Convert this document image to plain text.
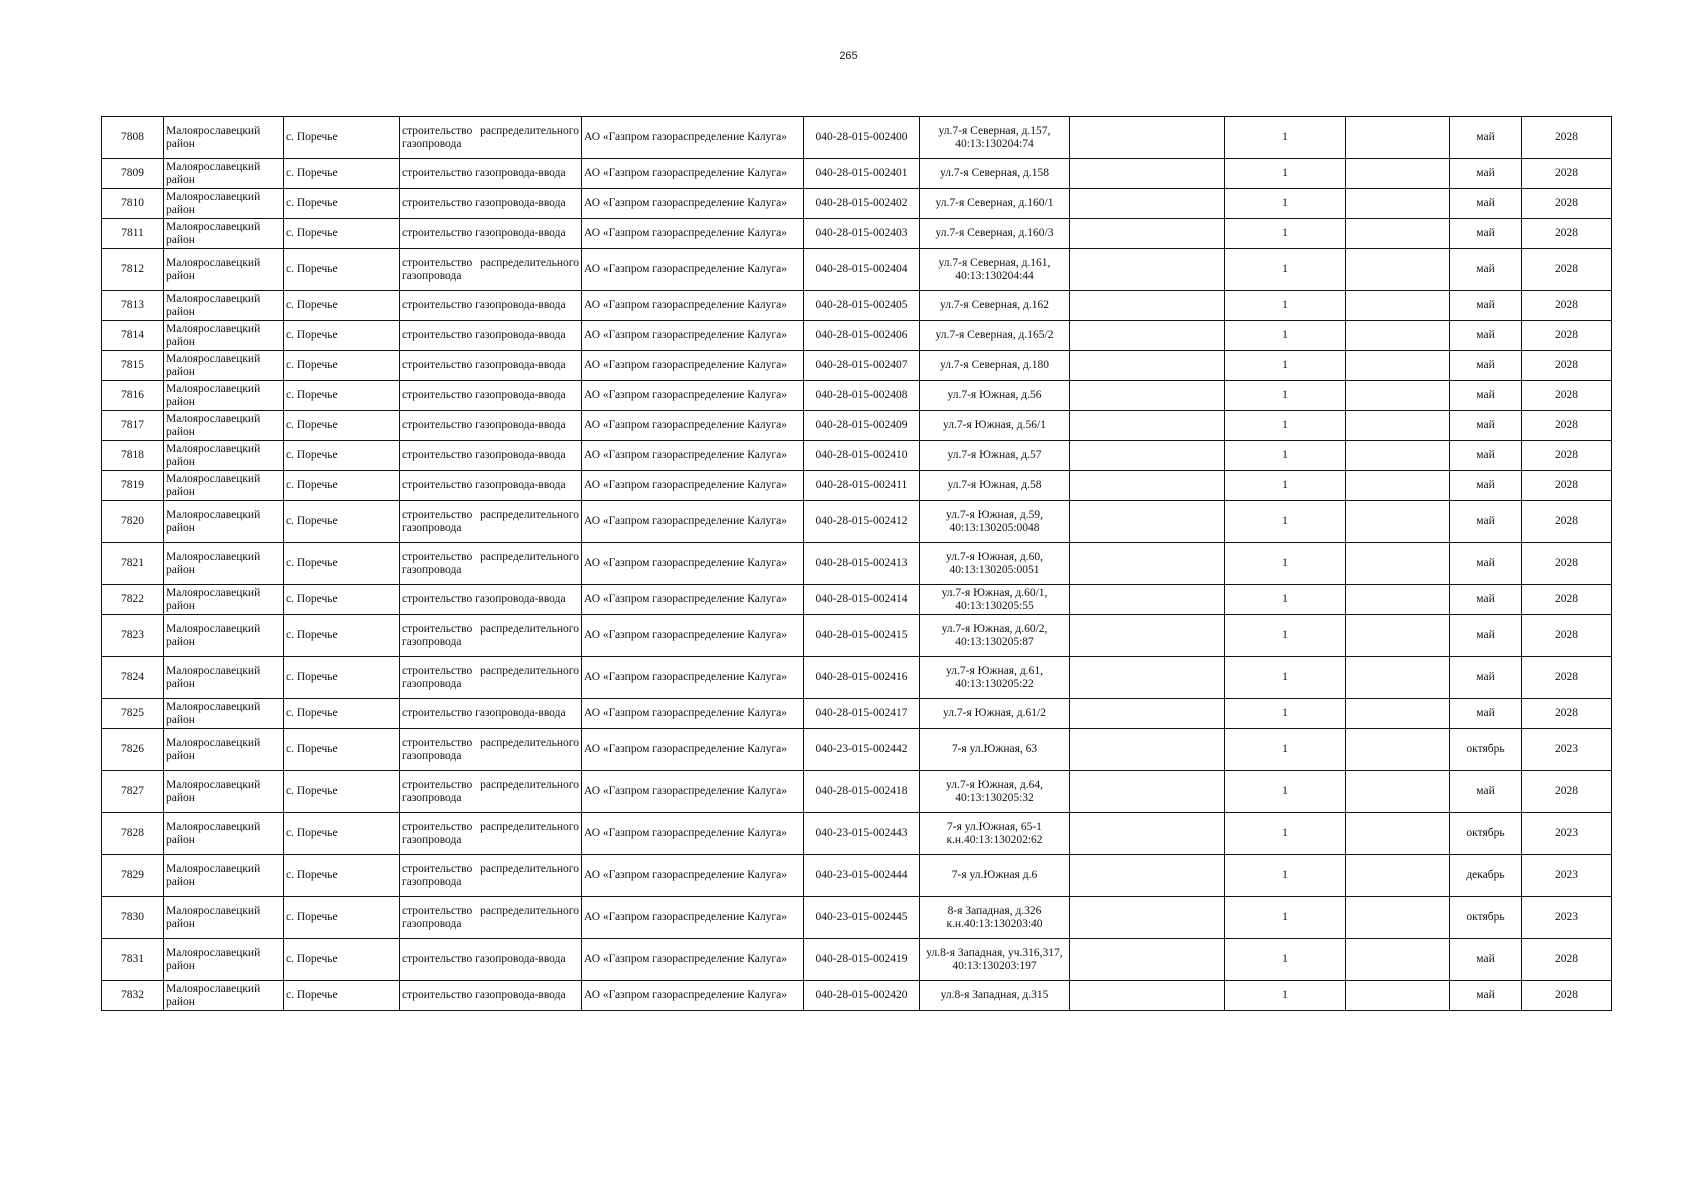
265
7808	Малоярославецкий район	с. Поречье	строительство распределительного газопровода	АО «Газпром газораспределение Калуга»	040-28-015-002400	ул.7-я Северная, д.157, 40:13:130204:74		1		май	2028
7809	Малоярославецкий район	с. Поречье	строительство газопровода-ввода	АО «Газпром газораспределение Калуга»	040-28-015-002401	ул.7-я Северная, д.158		1		май	2028
7810	Малоярославецкий район	с. Поречье	строительство газопровода-ввода	АО «Газпром газораспределение Калуга»	040-28-015-002402	ул.7-я Северная, д.160/1		1		май	2028
7811	Малоярославецкий район	с. Поречье	строительство газопровода-ввода	АО «Газпром газораспределение Калуга»	040-28-015-002403	ул.7-я Северная, д.160/3		1		май	2028
7812	Малоярославецкий район	с. Поречье	строительство распределительного газопровода	АО «Газпром газораспределение Калуга»	040-28-015-002404	ул.7-я Северная, д.161, 40:13:130204:44		1		май	2028
7813	Малоярославецкий район	с. Поречье	строительство газопровода-ввода	АО «Газпром газораспределение Калуга»	040-28-015-002405	ул.7-я Северная, д.162		1		май	2028
7814	Малоярославецкий район	с. Поречье	строительство газопровода-ввода	АО «Газпром газораспределение Калуга»	040-28-015-002406	ул.7-я Северная, д.165/2		1		май	2028
7815	Малоярославецкий район	с. Поречье	строительство газопровода-ввода	АО «Газпром газораспределение Калуга»	040-28-015-002407	ул.7-я Северная, д.180		1		май	2028
7816	Малоярославецкий район	с. Поречье	строительство газопровода-ввода	АО «Газпром газораспределение Калуга»	040-28-015-002408	ул.7-я Южная, д.56		1		май	2028
7817	Малоярославецкий район	с. Поречье	строительство газопровода-ввода	АО «Газпром газораспределение Калуга»	040-28-015-002409	ул.7-я Южная, д.56/1		1		май	2028
7818	Малоярославецкий район	с. Поречье	строительство газопровода-ввода	АО «Газпром газораспределение Калуга»	040-28-015-002410	ул.7-я Южная, д.57		1		май	2028
7819	Малоярославецкий район	с. Поречье	строительство газопровода-ввода	АО «Газпром газораспределение Калуга»	040-28-015-002411	ул.7-я Южная, д.58		1		май	2028
7820	Малоярославецкий район	с. Поречье	строительство распределительного газопровода	АО «Газпром газораспределение Калуга»	040-28-015-002412	ул.7-я Южная, д.59, 40:13:130205:0048		1		май	2028
7821	Малоярославецкий район	с. Поречье	строительство распределительного газопровода	АО «Газпром газораспределение Калуга»	040-28-015-002413	ул.7-я Южная, д.60, 40:13:130205:0051		1		май	2028
7822	Малоярославецкий район	с. Поречье	строительство газопровода-ввода	АО «Газпром газораспределение Калуга»	040-28-015-002414	ул.7-я Южная, д.60/1, 40:13:130205:55		1		май	2028
7823	Малоярославецкий район	с. Поречье	строительство распределительного газопровода	АО «Газпром газораспределение Калуга»	040-28-015-002415	ул.7-я Южная, д.60/2, 40:13:130205:87		1		май	2028
7824	Малоярославецкий район	с. Поречье	строительство распределительного газопровода	АО «Газпром газораспределение Калуга»	040-28-015-002416	ул.7-я Южная, д.61, 40:13:130205:22		1		май	2028
7825	Малоярославецкий район	с. Поречье	строительство газопровода-ввода	АО «Газпром газораспределение Калуга»	040-28-015-002417	ул.7-я Южная, д.61/2		1		май	2028
7826	Малоярославецкий район	с. Поречье	строительство распределительного газопровода	АО «Газпром газораспределение Калуга»	040-23-015-002442	7-я ул.Южная, 63		1		октябрь	2023
7827	Малоярославецкий район	с. Поречье	строительство распределительного газопровода	АО «Газпром газораспределение Калуга»	040-28-015-002418	ул.7-я Южная, д.64, 40:13:130205:32		1		май	2028
7828	Малоярославецкий район	с. Поречье	строительство распределительного газопровода	АО «Газпром газораспределение Калуга»	040-23-015-002443	7-я ул.Южная, 65-1 к.н.40:13:130202:62		1		октябрь	2023
7829	Малоярославецкий район	с. Поречье	строительство распределительного газопровода	АО «Газпром газораспределение Калуга»	040-23-015-002444	7-я ул.Южная д.6		1		декабрь	2023
7830	Малоярославецкий район	с. Поречье	строительство распределительного газопровода	АО «Газпром газораспределение Калуга»	040-23-015-002445	8-я Западная, д.326 к.н.40:13:130203:40		1		октябрь	2023
7831	Малоярославецкий район	с. Поречье	строительство газопровода-ввода	АО «Газпром газораспределение Калуга»	040-28-015-002419	ул.8-я Западная, уч.316,317, 40:13:130203:197		1		май	2028
7832	Малоярославецкий район	с. Поречье	строительство газопровода-ввода	АО «Газпром газораспределение Калуга»	040-28-015-002420	ул.8-я Западная, д.315		1		май	2028
